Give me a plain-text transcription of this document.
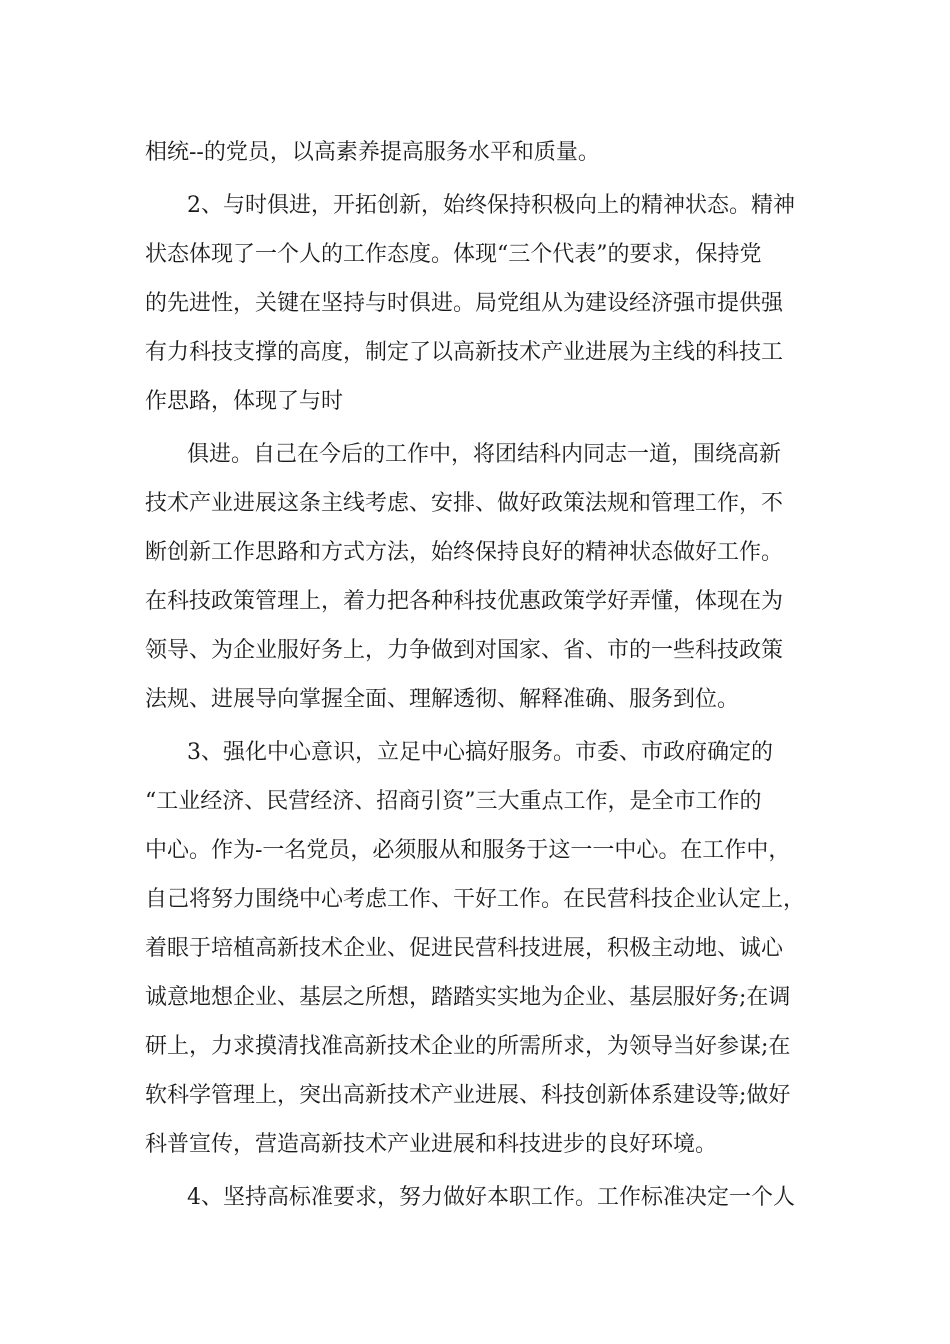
相统--的党员，以高素养提高服务水平和质量。
2、与时俱进，开拓创新，始终保持积极向上的精神状态。精神
状态体现了一个人的工作态度。体现“三个代表”的要求，保持党
的先进性，关键在坚持与时俱进。局党组从为建设经济强市提供强
有力科技支撑的高度，制定了以高新技术产业进展为主线的科技工
作思路，体现了与时
俱进。自己在今后的工作中，将团结科内同志一道，围绕高新
技术产业进展这条主线考虑、安排、做好政策法规和管理工作，不
断创新工作思路和方式方法，始终保持良好的精神状态做好工作。
在科技政策管理上，着力把各种科技优惠政策学好弄懂，体现在为
领导、为企业服好务上，力争做到对国家、省、市的一些科技政策
法规、进展导向掌握全面、理解透彻、解释准确、服务到位。
3、强化中心意识，立足中心搞好服务。市委、市政府确定的
“工业经济、民营经济、招商引资”三大重点工作，是全市工作的
中心。作为-一名党员，必须服从和服务于这一一中心。在工作中，
自己将努力围绕中心考虑工作、干好工作。在民营科技企业认定上，
着眼于培植高新技术企业、促进民营科技进展，积极主动地、诚心
诚意地想企业、基层之所想，踏踏实实地为企业、基层服好务;在调
研上，力求摸清找准高新技术企业的所需所求，为领导当好参谋;在
软科学管理上，突出高新技术产业进展、科技创新体系建设等;做好
科普宣传，营造高新技术产业进展和科技进步的良好环境。
4、坚持高标准要求，努力做好本职工作。工作标准决定一个人
